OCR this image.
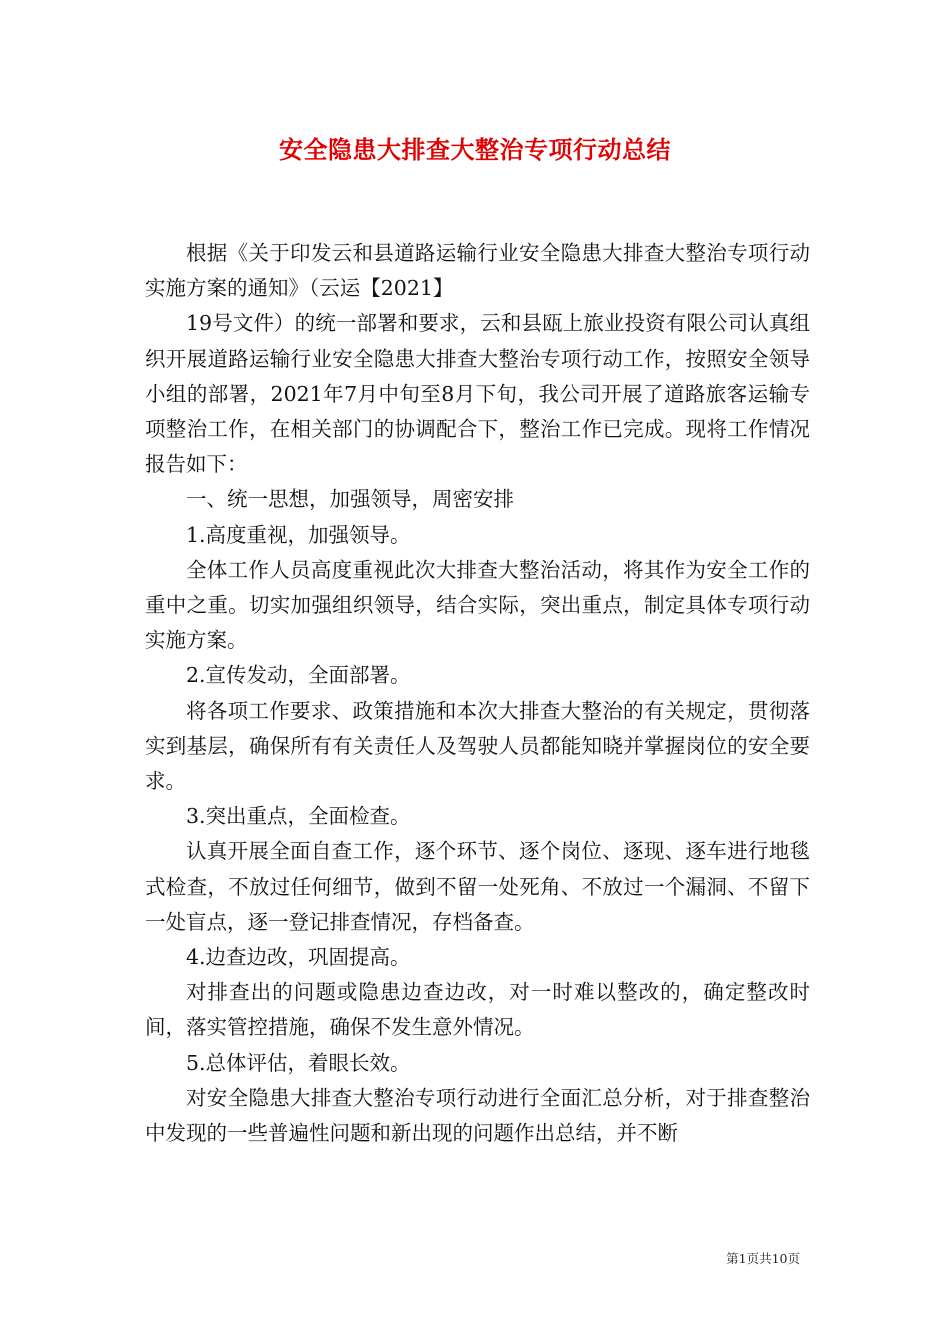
安全隐患大排查大整治专项行动总结

根据《关于印发云和县道路运输行业安全隐患大排查大整治专项行动实施方案的通知》（云运【2021】

19号文件）的统一部署和要求，云和县瓯上旅业投资有限公司认真组织开展道路运输行业安全隐患大排查大整治专项行动工作，按照安全领导小组的部署，2021年7月中旬至8月下旬，我公司开展了道路旅客运输专项整治工作，在相关部门的协调配合下，整治工作已完成。现将工作情况报告如下：

一、统一思想，加强领导，周密安排

1.高度重视，加强领导。

全体工作人员高度重视此次大排查大整治活动，将其作为安全工作的重中之重。切实加强组织领导，结合实际，突出重点，制定具体专项行动实施方案。

2.宣传发动，全面部署。

将各项工作要求、政策措施和本次大排查大整治的有关规定，贯彻落实到基层，确保所有有关责任人及驾驶人员都能知晓并掌握岗位的安全要求。

3.突出重点，全面检查。

认真开展全面自查工作，逐个环节、逐个岗位、逐现、逐车进行地毯式检查，不放过任何细节，做到不留一处死角、不放过一个漏洞、不留下一处盲点，逐一登记排查情况，存档备查。

4.边查边改，巩固提高。

对排查出的问题或隐患边查边改，对一时难以整改的，确定整改时间，落实管控措施，确保不发生意外情况。

5.总体评估，着眼长效。

对安全隐患大排查大整治专项行动进行全面汇总分析，对于排查整治中发现的一些普遍性问题和新出现的问题作出总结，并不断

第1页共10页
